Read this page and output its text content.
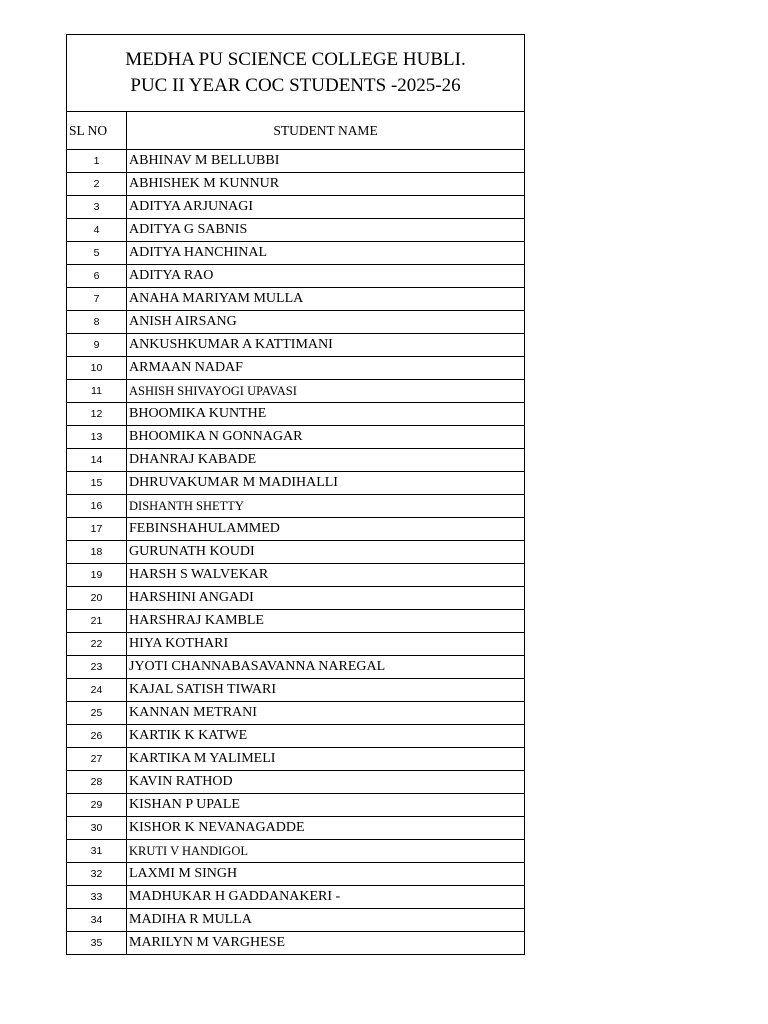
MEDHA PU SCIENCE COLLEGE HUBLI.
PUC II YEAR COC STUDENTS -2025-26	

SL NO	STUDENT NAME
1	ABHINAV M BELLUBBI
2	ABHISHEK M KUNNUR
3	ADITYA ARJUNAGI
4	ADITYA G SABNIS
5	ADITYA HANCHINAL
6	ADITYA RAO
7	ANAHA MARIYAM MULLA
8	ANISH AIRSANG
9	ANKUSHKUMAR A KATTIMANI
10	ARMAAN NADAF
11	ASHISH SHIVAYOGI UPAVASI
12	BHOOMIKA KUNTHE
13	BHOOMIKA N GONNAGAR
14	DHANRAJ KABADE
15	DHRUVAKUMAR M MADIHALLI
16	DISHANTH SHETTY
17	FEBINSHAHULAMMED
18	GURUNATH KOUDI
19	HARSH S WALVEKAR
20	HARSHINI ANGADI
21	HARSHRAJ KAMBLE
22	HIYA KOTHARI
23	JYOTI CHANNABASAVANNA NAREGAL
24	KAJAL SATISH TIWARI
25	KANNAN METRANI
26	KARTIK K KATWE
27	KARTIKA M YALIMELI
28	KAVIN RATHOD
29	KISHAN P UPALE
30	KISHOR K NEVANAGADDE
31	KRUTI V HANDIGOL
32	LAXMI M SINGH
33	MADHUKAR H GADDANAKERI -
34	MADIHA R MULLA
35	MARILYN M VARGHESE
